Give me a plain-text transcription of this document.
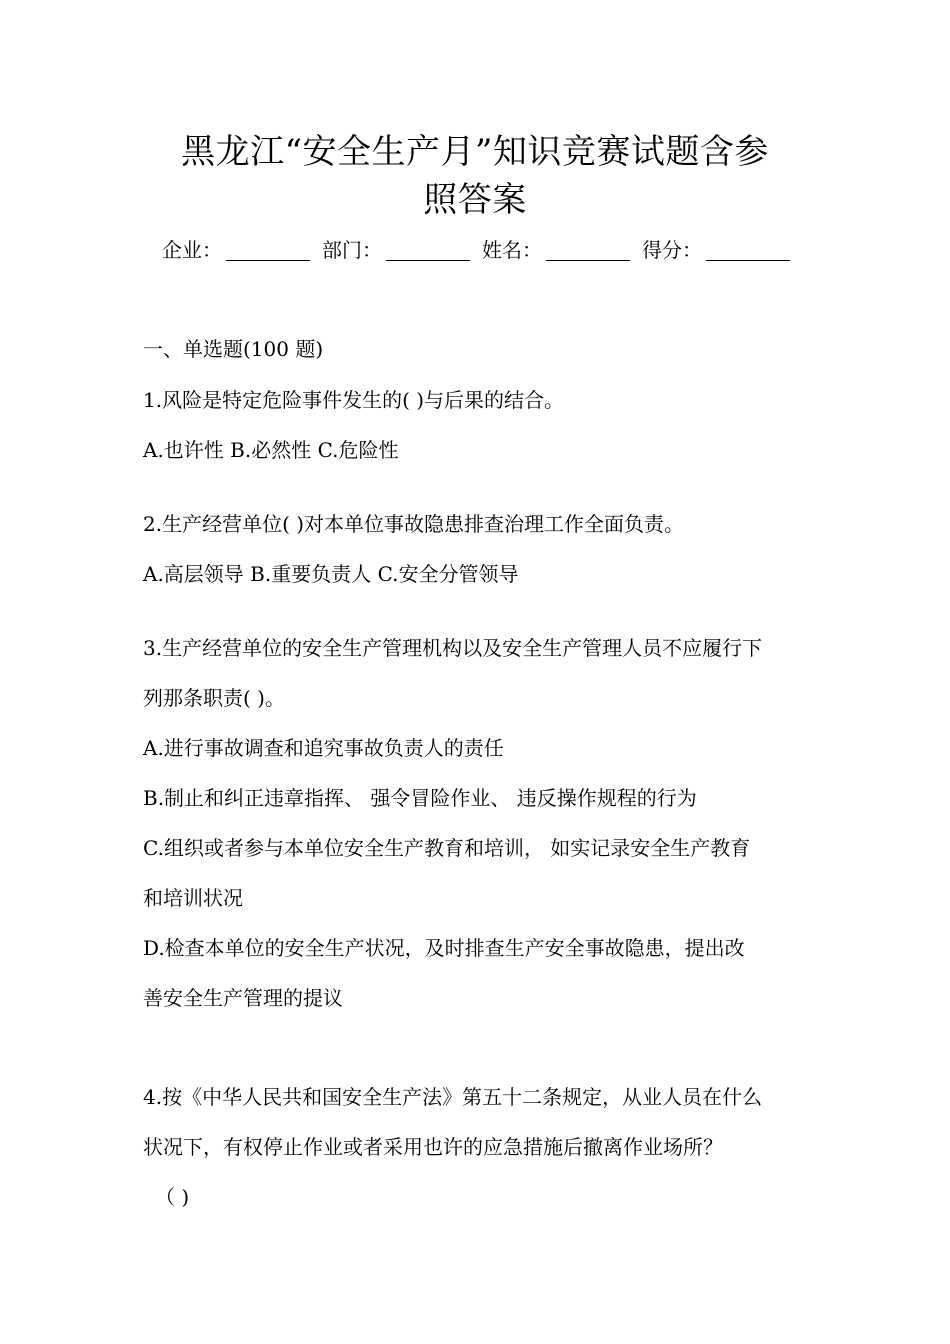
黑龙江“安全生产月”知识竞赛试题含参
照答案
企业：	部门：	姓名：	得分：
一、单选题(100 题)
1.风险是特定危险事件发生的( )与后果的结合。
A.也许性 B.必然性 C.危险性
2.生产经营单位( )对本单位事故隐患排查治理工作全面负责。
A.高层领导 B.重要负责人 C.安全分管领导
3.生产经营单位的安全生产管理机构以及安全生产管理人员不应履行下
列那条职责( )。
A.进行事故调查和追究事故负责人的责任
B.制止和纠正违章指挥、 强令冒险作业、 违反操作规程的行为
C.组织或者参与本单位安全生产教育和培训， 如实记录安全生产教育
和培训状况
D.检查本单位的安全生产状况，及时排查生产安全事故隐患，提出改
善安全生产管理的提议
4.按《中华人民共和国安全生产法》第五十二条规定，从业人员在什么
状况下，有权停止作业或者采用也许的应急措施后撤离作业场所？
（ )
